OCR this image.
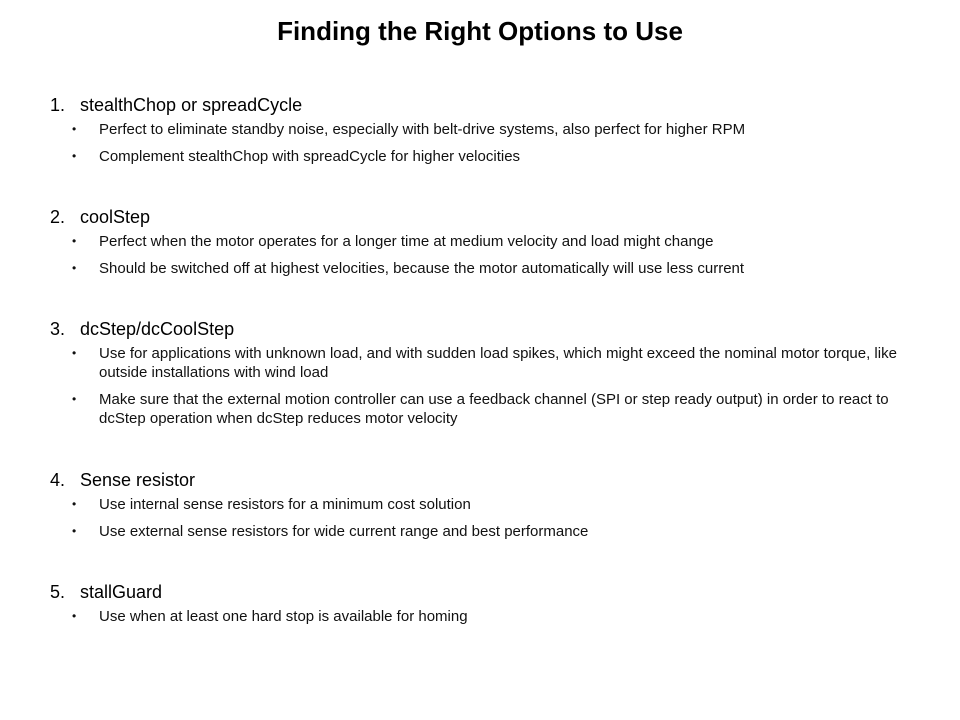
Finding the Right Options to Use
1. stealthChop or spreadCycle
• Perfect to eliminate standby noise, especially with belt-drive systems, also perfect for higher RPM
• Complement stealthChop with spreadCycle for higher velocities
2. coolStep
• Perfect when the motor operates for a longer time at medium velocity and load might change
• Should be switched off at highest velocities, because the motor automatically will use less current
3. dcStep/dcCoolStep
• Use for applications with unknown load, and with sudden load spikes, which might exceed the nominal motor torque, like outside installations with wind load
• Make sure that the external motion controller can use a feedback channel (SPI or step ready output) in order to react to dcStep operation when dcStep reduces motor velocity
4. Sense resistor
• Use internal sense resistors for a minimum cost solution
• Use external sense resistors for wide current range and best performance
5. stallGuard
• Use when at least one hard stop is available for homing
